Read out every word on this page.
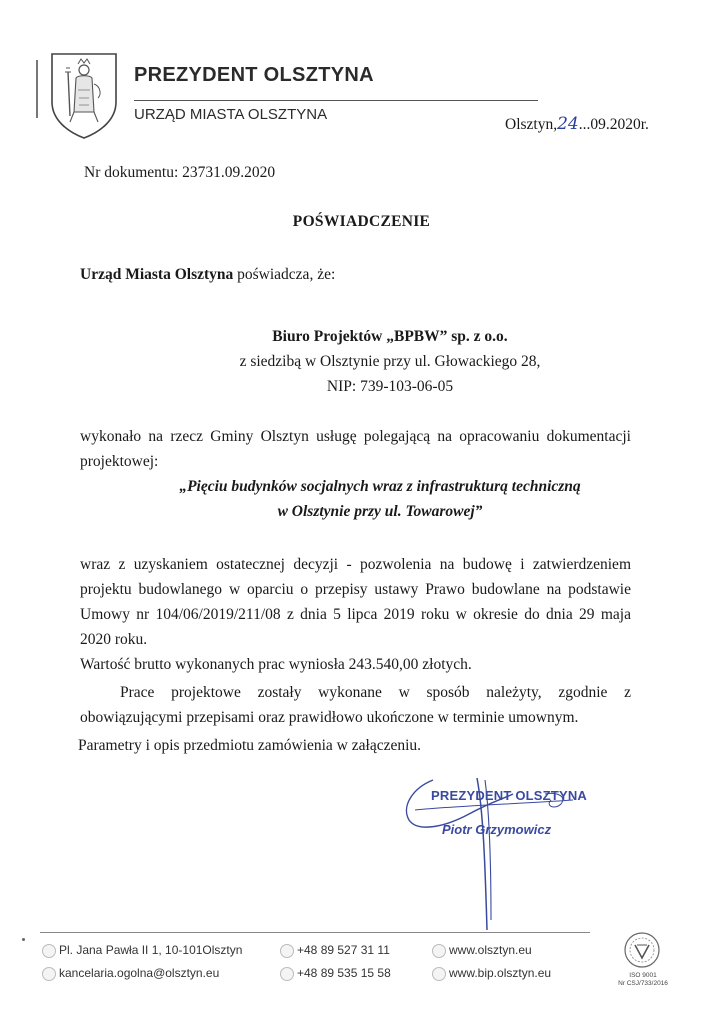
PREZYDENT OLSZTYNA
URZĄD MIASTA OLSZTYNA
Olsztyn,24...09.2020r.
Nr dokumentu: 23731.09.2020
POŚWIADCZENIE
Urząd Miasta Olsztyna poświadcza, że:
Biuro Projektów „BPBW” sp. z o.o.
z siedzibą w Olsztynie przy ul. Głowackiego 28,
NIP: 739-103-06-05
wykonało na rzecz Gminy Olsztyn usługę polegającą na opracowaniu dokumentacji projektowej:
„Pięciu budynków socjalnych wraz z infrastrukturą techniczną
w Olsztynie przy ul. Towarowej”
wraz z uzyskaniem ostatecznej decyzji - pozwolenia na budowę i zatwierdzeniem projektu budowlanego w oparciu o przepisy ustawy Prawo budowlane na podstawie Umowy nr 104/06/2019/211/08 z dnia 5 lipca 2019 roku w okresie do dnia 29 maja 2020 roku.
Wartość brutto wykonanych prac wyniosła 243.540,00 złotych.
Prace projektowe zostały wykonane w sposób należyty, zgodnie z obowiązującymi przepisami oraz prawidłowo ukończone w terminie umownym.
Parametry i opis przedmiotu zamówienia w załączeniu.
PREZYDENT OLSZTYNA
Piotr Grzymowicz
Pl. Jana Pawła II 1, 10-101Olsztyn
kancelaria.ogolna@olsztyn.eu
+48 89 527 31 11
+48 89 535 15 58
www.olsztyn.eu
www.bip.olsztyn.eu	ISO 9001
Nr CSJ/733/2016
